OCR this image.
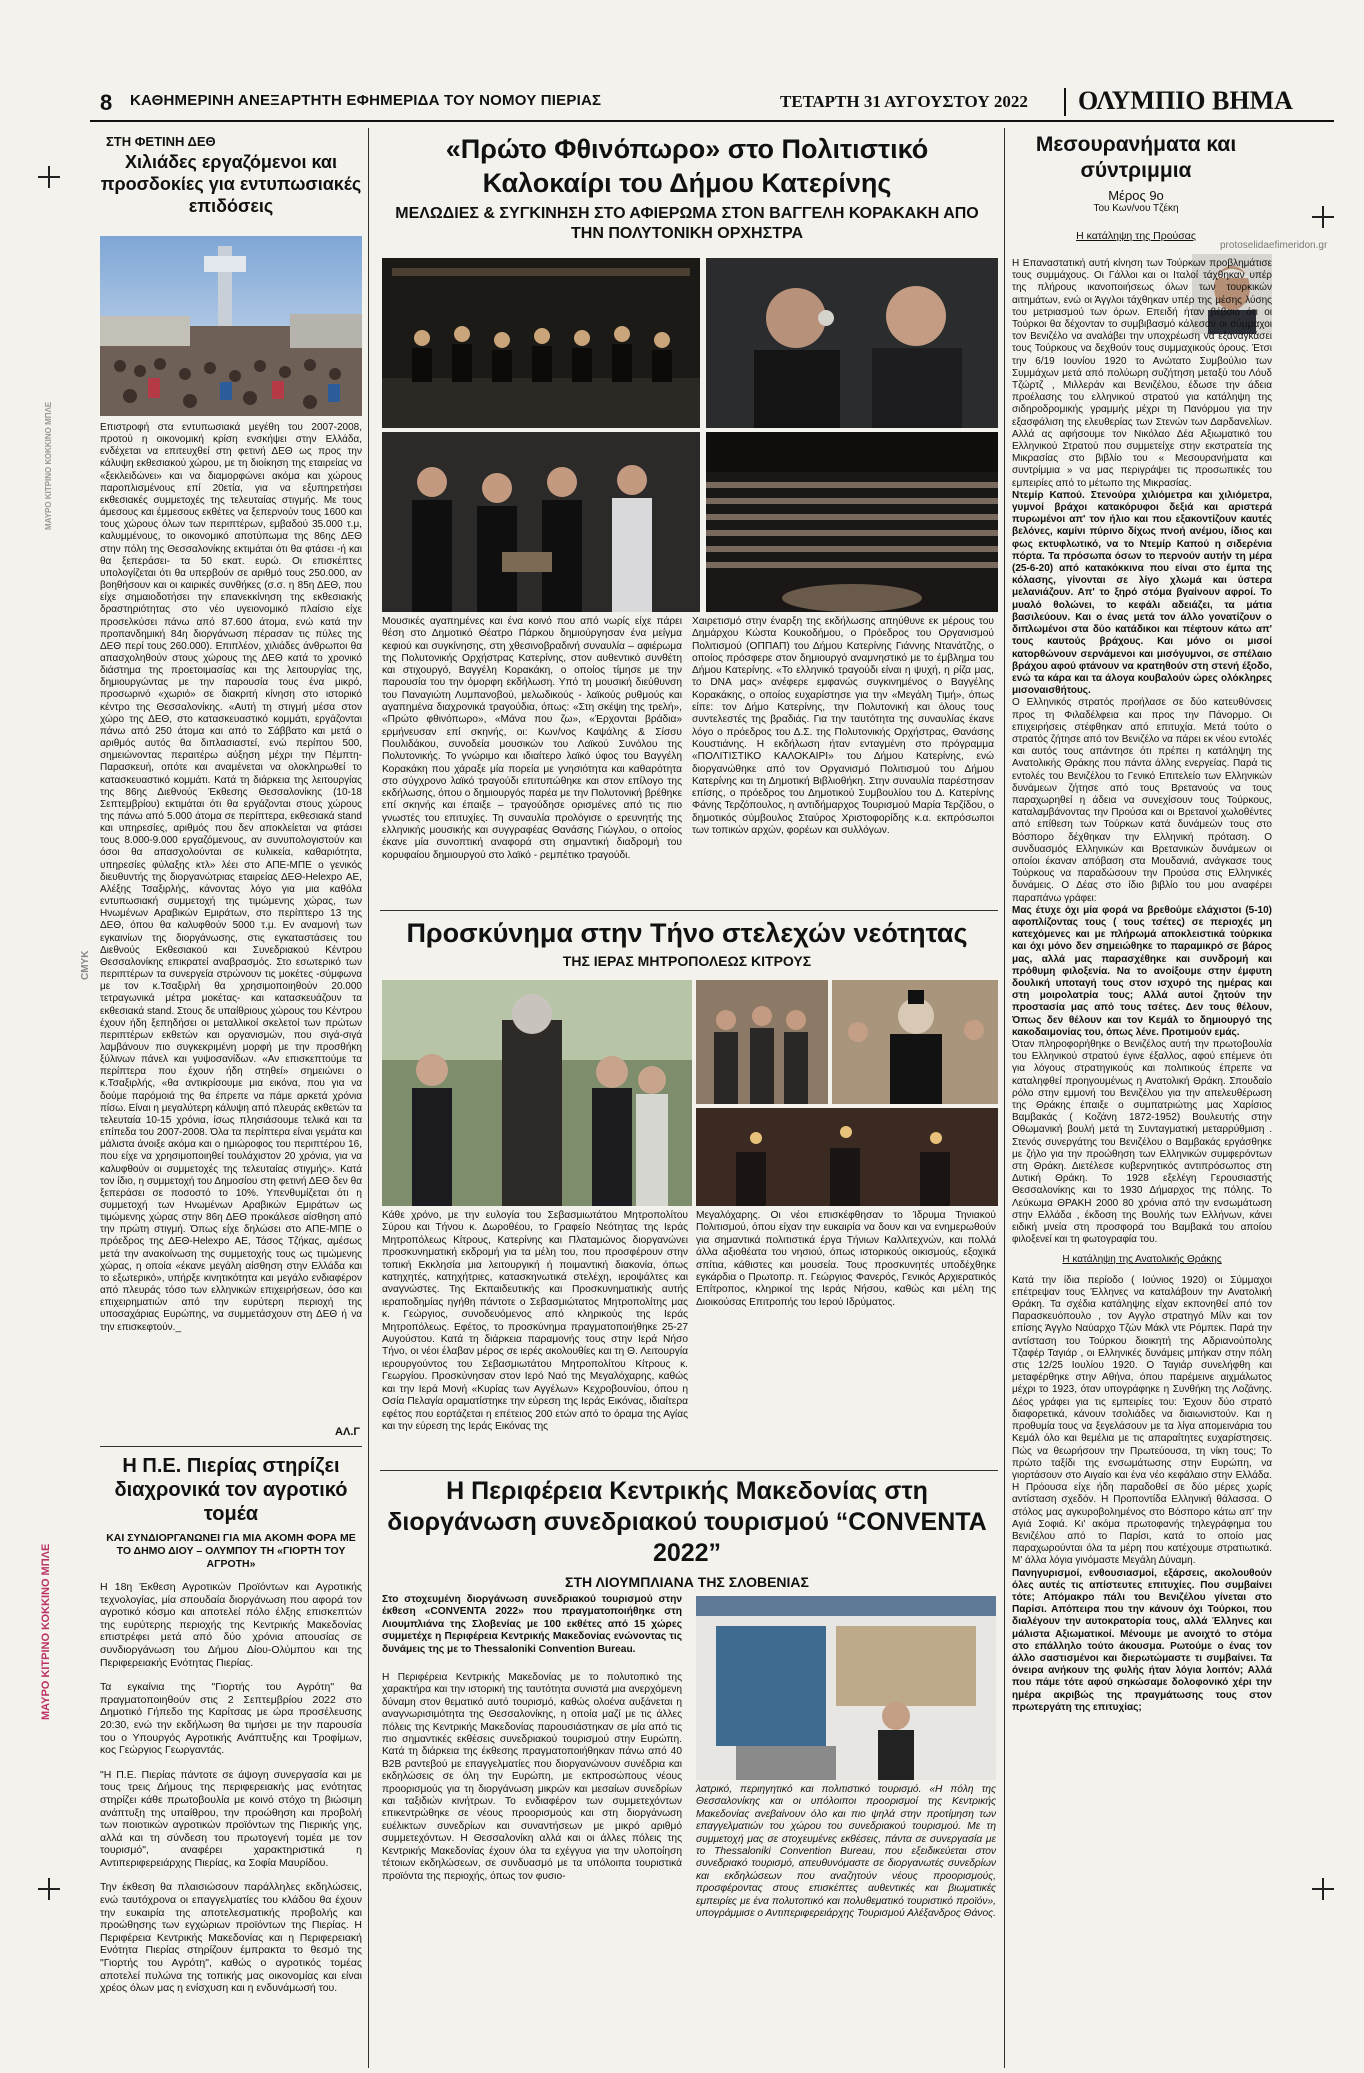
ΜΑΥΡΟ ΚΙΤΡΙΝΟ ΚΟΚΚΙΝΟ ΜΠΛΕ
CMYK
ΜΑΥΡΟ ΚΙΤΡΙΝΟ ΚΟΚΚΙΝΟ ΜΠΛΕ
8 ΚΑΘΗΜΕΡΙΝΗ ΑΝΕΞΑΡΤΗΤΗ ΕΦΗΜΕΡΙΔΑ ΤΟΥ ΝΟΜΟΥ ΠΙΕΡΙΑΣ	ΤΕΤΑΡΤΗ 31 ΑΥΓΟΥΣΤΟΥ 2022 ΟΛΥΜΠΙΟ ΒΗΜΑ
protoselidaefimeridon.gr
ΣΤΗ ΦΕΤΙΝΗ ΔΕΘ
Χιλιάδες εργαζόμενοι και προσδοκίες για εντυπωσιακές επιδόσεις
Επιστροφή στα εντυπωσιακά μεγέθη του 2007-2008, προτού η οικονομική κρίση ενσκήψει στην Ελλάδα, ενδέχεται να επιτευχθεί στη φετινή ΔΕΘ ως προς την κάλυψη εκθεσιακού χώρου, με τη διοίκηση της εταιρείας να «ξεκλειδώνει» και να διαμορφώνει ακόμα και χώρους παροπλισμένους επί 20ετία, για να εξυπηρετήσει εκθεσιακές συμμετοχές της τελευταίας στιγμής. Με τους άμεσους και έμμεσους εκθέτες να ξεπερνούν τους 1600 και τους χώρους όλων των περιπτέρων, εμβαδού 35.000 τ.μ, καλυμμένους, το οικονομικό αποτύπωμα της 86ης ΔΕΘ στην πόλη της Θεσσαλονίκης εκτιμάται ότι θα φτάσει -ή και θα ξεπεράσει- τα 50 εκατ. ευρώ. Οι επισκέπτες υπολογίζεται ότι θα υπερβούν σε αριθμό τους 250.000, αν βοηθήσουν και οι καιρικές συνθήκες (σ.σ. η 85η ΔΕΘ, που είχε σημαιοδοτήσει την επανεκκίνηση της εκθεσιακής δραστηριότητας στο νέο υγειονομικό πλαίσιο είχε προσελκύσει πάνω από 87.600 άτομα, ενώ κατά την προπανδημική 84η διοργάνωση πέρασαν τις πύλες της ΔΕΘ περί τους 260.000). Επιπλέον, χιλιάδες άνθρωποι θα απασχοληθούν στους χώρους της ΔΕΘ κατά το χρονικό διάστημα της προετοιμασίας και της λειτουργίας της, δημιουργώντας με την παρουσία τους ένα μικρό, προσωρινό «χωριό» σε διακριτή κίνηση στο ιστορικό κέντρο της Θεσσαλονίκης. «Αυτή τη στιγμή μέσα στον χώρο της ΔΕΘ, στο κατασκευαστικό κομμάτι, εργάζονται πάνω από 250 άτομα και από το Σάββατο και μετά ο αριθμός αυτός θα διπλασιαστεί, ενώ περίπου 500, σημειώνοντας περαιτέρω αύξηση μέχρι την Πέμπτη-Παρασκευή, οπότε και αναμένεται να ολοκληρωθεί το κατασκευαστικό κομμάτι. Κατά τη διάρκεια της λειτουργίας της 86ης Διεθνούς Έκθεσης Θεσσαλονίκης (10-18 Σεπτεμβρίου) εκτιμάται ότι θα εργάζονται στους χώρους της πάνω από 5.000 άτομα σε περίπτερα, εκθεσιακά stand και υπηρεσίες, αριθμός που δεν αποκλείεται να φτάσει τους 8.000-9.000 εργαζόμενους, αν συνυπολογιστούν και όσοι θα απασχολούνται σε κυλικεία, καθαριότητα, υπηρεσίες φύλαξης κτλ» λέει στο ΑΠΕ-ΜΠΕ ο γενικός διευθυντής της διοργανώτριας εταιρείας ΔΕΘ-Helexpo ΑΕ, Αλέξης Τσαξιρλής, κάνοντας λόγο για μια καθόλα εντυπωσιακή συμμετοχή της τιμώμενης χώρας, των Ηνωμένων Αραβικών Εμιράτων, στο περίπτερο 13 της ΔΕΘ, όπου θα καλυφθούν 5000 τ.μ. Εν αναμονή των εγκαινίων της διοργάνωσης, στις εγκαταστάσεις του Διεθνούς Εκθεσιακού και Συνεδριακού Κέντρου Θεσσαλονίκης επικρατεί αναβρασμός. Στο εσωτερικό των περιπτέρων τα συνεργεία στρώνουν τις μοκέτες -σύμφωνα με τον κ.Τσαξιρλή θα χρησιμοποιηθούν 20.000 τετραγωνικά μέτρα μοκέτας- και κατασκευάζουν τα εκθεσιακά stand. Στους δε υπαίθριους χώρους του Κέντρου έχουν ήδη ξεπηδήσει οι μεταλλικοί σκελετοί των πρώτων περιπτέρων εκθετών και οργανισμών, που σιγά-σιγά λαμβάνουν πιο συγκεκριμένη μορφή με την προσθήκη ξύλινων πάνελ και γυψοσανίδων. «Αν επισκεπτούμε τα περίπτερα που έχουν ήδη στηθεί» σημειώνει ο κ.Τσαξιρλής, «θα αντικρίσουμε μια εικόνα, που για να δούμε παρόμοιά της θα έπρεπε να πάμε αρκετά χρόνια πίσω. Είναι η μεγαλύτερη κάλυψη από πλευράς εκθετών τα τελευταία 10-15 χρόνια, ίσως πλησιάσουμε τελικά και τα επίπεδα του 2007-2008. Όλα τα περίπτερα είναι γεμάτα και μάλιστα άνοιξε ακόμα και ο ημιώροφος του περιπτέρου 16, που είχε να χρησιμοποιηθεί τουλάχιστον 20 χρόνια, για να καλυφθούν οι συμμετοχές της τελευταίας στιγμής». Κατά τον ίδιο, η συμμετοχή του Δημοσίου στη φετινή ΔΕΘ δεν θα ξεπεράσει σε ποσοστό το 10%. Υπενθυμίζεται ότι η συμμετοχή των Ηνωμένων Αραβικών Εμιράτων ως τιμώμενης χώρας στην 86η ΔΕΘ προκάλεσε αίσθηση από την πρώτη στιγμή. Όπως είχε δηλώσει στο ΑΠΕ-ΜΠΕ ο πρόεδρος της ΔΕΘ-Helexpo ΑΕ, Τάσος Τζήκας, αμέσως μετά την ανακοίνωση της συμμετοχής τους ως τιμώμενης χώρας, η οποία «έκανε μεγάλη αίσθηση στην Ελλάδα και το εξωτερικό», υπήρξε κινητικότητα και μεγάλο ενδιαφέρον από πλευράς τόσο των ελληνικών επιχειρήσεων, όσο και επιχειρηματιών από την ευρύτερη περιοχή της υποσαχάριας Ευρώπης, να συμμετάσχουν στη ΔΕΘ ή να την επισκεφτούν._
ΑΛ.Γ
Η Π.Ε. Πιερίας στηρίζει διαχρονικά τον αγροτικό τομέα
ΚΑΙ ΣΥΝΔΙΟΡΓΑΝΩΝΕΙ ΓΙΑ ΜΙΑ ΑΚΟΜΗ ΦΟΡΑ ΜΕ ΤΟ ΔΗΜΟ ΔΙΟΥ – ΟΛΥΜΠΟΥ ΤΗ «ΓΙΟΡΤΗ ΤΟΥ ΑΓΡΟΤΗ»
Η 18η Έκθεση Αγροτικών Προϊόντων και Αγροτικής τεχνολογίας, μία σπουδαία διοργάνωση που αφορά τον αγροτικό κόσμο και αποτελεί πόλο έλξης επισκεπτών της ευρύτερης περιοχής της Κεντρικής Μακεδονίας επιστρέφει μετά από δύο χρόνια απουσίας σε συνδιοργάνωση του Δήμου Δίου-Ολύμπου και της Περιφερειακής Ενότητας Πιερίας.
Τα εγκαίνια της "Γιορτής του Αγρότη" θα πραγματοποιηθούν στις 2 Σεπτεμβρίου 2022 στο Δημοτικό Γήπεδο της Καρίτσας με ώρα προσέλευσης 20:30, ενώ την εκδήλωση θα τιμήσει με την παρουσία του ο Υπουργός Αγροτικής Ανάπτυξης και Τροφίμων, κος Γεώργιος Γεωργαντάς.
"Η Π.Ε. Πιερίας πάντοτε σε άψογη συνεργασία και με τους τρεις Δήμους της περιφερειακής μας ενότητας στηρίζει κάθε πρωτοβουλία με κοινό στόχο τη βιώσιμη ανάπτυξη της υπαίθρου, την προώθηση και προβολή των ποιοτικών αγροτικών προϊόντων της Πιερικής γης, αλλά και τη σύνδεση του πρωτογενή τομέα με τον τουρισμό", αναφέρει χαρακτηριστικά η Αντιπεριφερειάρχης Πιερίας, κα Σοφία Μαυρίδου.
Την έκθεση θα πλαισιώσουν παράλληλες εκδηλώσεις, ενώ ταυτόχρονα οι επαγγελματίες του κλάδου θα έχουν την ευκαιρία της αποτελεσματικής προβολής και προώθησης των εγχώριων προϊόντων της Πιερίας. Η Περιφέρεια Κεντρικής Μακεδονίας και η Περιφερειακή Ενότητα Πιερίας στηρίζουν έμπρακτα το θεσμό της "Γιορτής του Αγρότη", καθώς ο αγροτικός τομέας αποτελεί πυλώνα της τοπικής μας οικονομίας και είναι χρέος όλων μας η ενίσχυση και η ενδυνάμωσή του.
«Πρώτο Φθινόπωρο» στο Πολιτιστικό Καλοκαίρι του Δήμου Κατερίνης
ΜΕΛΩΔΙΕΣ & ΣΥΓΚΙΝΗΣΗ ΣΤΟ ΑΦΙΕΡΩΜΑ ΣΤΟΝ ΒΑΓΓΕΛΗ ΚΟΡΑΚΑΚΗ ΑΠΟ ΤΗΝ ΠΟΛΥΤΟΝΙΚΗ ΟΡΧΗΣΤΡΑ
Μουσικές αγαπημένες και ένα κοινό που από νωρίς είχε πάρει θέση στο Δημοτικό Θέατρο Πάρκου δημιούργησαν ένα μείγμα κεφιού και συγκίνησης, στη χθεσινοβραδινή συναυλία – αφιέρωμα της Πολυτονικής Ορχήστρας Κατερίνης, στον αυθεντικό συνθέτη και στιχουργό, Βαγγέλη Κορακάκη, ο οποίος τίμησε με την παρουσία του την όμορφη εκδήλωση. Υπό τη μουσική διεύθυνση του Παναγιώτη Λυμπανοβού, μελωδικούς - λαϊκούς ρυθμούς και αγαπημένα διαχρονικά τραγούδια, όπως: «Στη σκέψη της τρελή», «Πρώτο φθινόπωρο», «Μάνα που ζω», «Έρχονται βράδια» ερμήνευσαν επί σκηνής, οι: Κων/νος Καψάλης & Σίσσυ Πουλιδάκου, συνοδεία μουσικών του Λαϊκού Συνόλου της Πολυτονικής. Το γνώριμο και ιδιαίτερο λαϊκό ύφος του Βαγγέλη Κορακάκη που χάραξε μία πορεία με γνησιότητα και καθαρότητα στο σύγχρονο λαϊκό τραγούδι επιτυπώθηκε και στον επίλογο της εκδήλωσης, όπου ο δημιουργός παρέα με την Πολυτονική βρέθηκε επί σκηνής και έπαιξε – τραγούδησε ορισμένες από τις πιο γνωστές του επιτυχίες. Τη συναυλία προλόγισε ο ερευνητής της ελληνικής μουσικής και συγγραφέας Θανάσης Γιώγλου, ο οποίος έκανε μία συνοπτική αναφορά στη σημαντική διαδρομή του κορυφαίου δημιουργού στο λαϊκό - ρεμπέτικο τραγούδι.
Χαιρετισμό στην έναρξη της εκδήλωσης απηύθυνε εκ μέρους του Δημάρχου Κώστα Κουκοδήμου, ο Πρόεδρος του Οργανισμού Πολιτισμού (ΟΠΠΑΠ) του Δήμου Κατερίνης Γιάννης Ντανάτζης, ο οποίος πρόσφερε στον δημιουργό αναμνηστικό με το έμβλημα του Δήμου Κατερίνης. «Το ελληνικό τραγούδι είναι η ψυχή, η ρίζα μας, το DNA μας» ανέφερε εμφανώς συγκινημένος ο Βαγγέλης Κορακάκης, ο οποίος ευχαρίστησε για την «Μεγάλη Τιμή», όπως είπε: τον Δήμο Κατερίνης, την Πολυτονική και όλους τους συντελεστές της βραδιάς. Για την ταυτότητα της συναυλίας έκανε λόγο ο πρόεδρος του Δ.Σ. της Πολυτονικής Ορχήστρας, Θανάσης Κουστιάνης. Η εκδήλωση ήταν ενταγμένη στο πρόγραμμα «ΠΟΛΙΤΙΣΤΙΚΟ ΚΑΛΟΚΑΙΡΙ» του Δήμου Κατερίνης, ενώ διοργανώθηκε από τον Οργανισμό Πολιτισμού του Δήμου Κατερίνης και τη Δημοτική Βιβλιοθήκη. Στην συναυλία παρέστησαν επίσης, ο πρόεδρος του Δημοτικού Συμβουλίου του Δ. Κατερίνης Φάνης Τερζόπουλος, η αντιδήμαρχος Τουρισμού Μαρία Τερζίδου, ο δημοτικός σύμβουλος Σταύρος Χριστοφορίδης κ.α. εκπρόσωποι των τοπικών αρχών, φορέων και συλλόγων.
Προσκύνημα στην Τήνο στελεχών νεότητας
ΤΗΣ ΙΕΡΑΣ ΜΗΤΡΟΠΟΛΕΩΣ ΚΙΤΡΟΥΣ
Κάθε χρόνο, με την ευλογία του Σεβασμιωτάτου Μητροπολίτου Σύρου και Τήνου κ. Δωροθέου, το Γραφείο Νεότητας της Ιεράς Μητροπόλεως Κίτρους, Κατερίνης και Πλαταμώνος διοργανώνει προσκυνηματική εκδρομή για τα μέλη του, που προσφέρουν στην τοπική Εκκλησία μια λειτουργική ή ποιμαντική διακονία, όπως κατηχητές, κατηχήτριες, κατασκηνωτικά στελέχη, ιεροψάλτες και αναγνώστες. Της Εκπαιδευτικής και Προσκυνηματικής αυτής ιεραποδημίας ηγήθη πάντοτε ο Σεβασμιώτατος Μητροπολίτης μας κ. Γεώργιος, συνοδευόμενος από κληρικούς της Ιεράς Μητροπόλεως. Εφέτος, το προσκύνημα πραγματοποιήθηκε 25-27 Αυγούστου. Κατά τη διάρκεια παραμονής τους στην Ιερά Νήσο Τήνο, οι νέοι έλαβαν μέρος σε ιερές ακολουθίες και τη Θ. Λειτουργία ιερουργούντος του Σεβασμιωτάτου Μητροπολίτου Κίτρους κ. Γεωργίου. Προσκύνησαν στον Ιερό Ναό της Μεγαλόχαρης, καθώς και την Ιερά Μονή «Κυρίας των Αγγέλων» Κεχροβουνίου, όπου η Οσία Πελαγία οραματίστηκε την εύρεση της Ιεράς Εικόνας, ιδιαίτερα εφέτος που εορτάζεται η επέτειος 200 ετών από το όραμα της Αγίας και την εύρεση της Ιεράς Εικόνας της
Μεγαλόχαρης. Οι νέοι επισκέφθησαν το Ίδρυμα Τηνιακού Πολιτισμού, όπου είχαν την ευκαιρία να δουν και να ενημερωθούν για σημαντικά πολιτιστικά έργα Τήνιων Καλλιτεχνών, και πολλά άλλα αξιοθέατα του νησιού, όπως ιστορικούς οικισμούς, εξοχικά σπίτια, κάθιστες και μουσεία. Τους προσκυνητές υποδέχθηκε εγκάρδια ο Πρωτοπρ. π. Γεώργιος Φανερός, Γενικός Αρχιερατικός Επίτροπος, κληρικοί της Ιεράς Νήσου, καθώς και μέλη της Διοικούσας Επιτροπής του Ιερού Ιδρύματος.
Η Περιφέρεια Κεντρικής Μακεδονίας στη διοργάνωση συνεδριακού τουρισμού “CONVENTA 2022”
ΣΤΗ ΛΙΟΥΜΠΛΙΑΝΑ ΤΗΣ ΣΛΟΒΕΝΙΑΣ
Στο στοχευμένη διοργάνωση συνεδριακού τουρισμού στην έκθεση «CONVENTA 2022» που πραγματοποιήθηκε στη Λιουμπλιάνα της Σλοβενίας με 100 εκθέτες από 15 χώρες συμμετέχε η Περιφέρεια Κεντρικής Μακεδονίας ενώνοντας τις δυνάμεις της με το Thessaloniki Convention Bureau.
Η Περιφέρεια Κεντρικής Μακεδονίας με το πολυτοπικό της χαρακτήρα και την ιστορική της ταυτότητα συνιστά μια ανερχόμενη δύναμη στον θεματικό αυτό τουρισμό, καθώς ολοένα αυξάνεται η αναγνωρισιμότητα της Θεσσαλονίκης, η οποία μαζί με τις άλλες πόλεις της Κεντρικής Μακεδονίας παρουσιάστηκαν σε μία από τις πιο σημαντικές εκθέσεις συνεδριακού τουρισμού στην Ευρώπη. Κατά τη διάρκεια της έκθεσης πραγματοποιήθηκαν πάνω από 40 B2B ραντεβού με επαγγελματίες που διοργανώνουν συνέδρια και εκδηλώσεις σε όλη την Ευρώπη, με εκπροσώπους νέους προορισμούς για τη διοργάνωση μικρών και μεσαίων συνεδρίων και ταξιδιών κινήτρων. Το ενδιαφέρον των συμμετεχόντων επικεντρώθηκε σε νέους προορισμούς και στη διοργάνωση ευέλικτων συνεδρίων και συναντήσεων με μικρό αριθμό συμμετεχόντων. Η Θεσσαλονίκη αλλά και οι άλλες πόλεις της Κεντρικής Μακεδονίας έχουν όλα τα εχέγγυα για την υλοποίηση τέτοιων εκδηλώσεων, σε συνδυασμό με τα υπόλοιπα τουριστικά προϊόντα της περιοχής, όπως τον φυσιο-
λατρικό, περιηγητικό και πολιτιστικό τουρισμό. «Η πόλη της Θεσσαλονίκης και οι υπόλοιποι προορισμοί της Κεντρικής Μακεδονίας ανεβαίνουν όλο και πιο ψηλά στην προτίμηση των επαγγελματιών του χώρου του συνεδριακού τουρισμού. Με τη συμμετοχή μας σε στοχευμένες εκθέσεις, πάντα σε συνεργασία με το Thessaloniki Convention Bureau, που εξειδικεύεται στον συνεδριακό τουρισμό, απευθυνόμαστε σε διοργανωτές συνεδρίων και εκδηλώσεων που αναζητούν νέους προορισμούς, προσφέροντας στους επισκέπτες αυθεντικές και βιωματικές εμπειρίες με ένα πολυτοπικό και πολυθεματικό τουριστικό προϊόν», υπογράμμισε ο Αντιπεριφερειάρχης Τουρισμού Αλέξανδρος Θάνος.
Μεσουρανήματα και σύντριμμια
Μέρος 9ο
Του Κων/νου Τζέκη
Η κατάληψη της Προύσας

Η Επαναστατική αυτή κίνηση των Τούρκων προβλημάτισε τους συμμάχους. Οι Γάλλοι και οι Ιταλοί τάχθηκαν υπέρ της πλήρους ικανοποιήσεως όλων των τουρκικών αιτημάτων, ενώ οι Άγγλοι τάχθηκαν υπέρ της μέσης λύσης του μετριασμού των όρων. Επειδή ήταν βέβαιο ότι οι Τούρκοι θα δέχονταν το συμβιβασμό κάλεσαν οι σύμμαχοι τον Βενιζέλο να αναλάβει την υποχρέωση να εξαναγκάσει τους Τούρκους να δεχθούν τους συμμαχικούς όρους. Έτσι την 6/19 Ιουνίου 1920 το Ανώτατο Συμβούλιο των Συμμάχων μετά από πολύωρη συζήτηση μεταξύ του Λόυδ Τζώρτζ , Μιλλεράν και Βενιζέλου, έδωσε την άδεια προέλασης του ελληνικού στρατού για κατάληψη της σιδηροδρομικής γραμμής μέχρι τη Πανόρμου για την εξασφάλιση της ελευθερίας των Στενών των Δαρδανελίων. Αλλά ας αφήσουμε τον Νικόλαο Δέα Αξιωματικό του Ελληνικού Στρατού που συμμετείχε στην εκστρατεία της Μικρασίας στο βιβλίο του « Μεσουρανήματα και συντρίμμια » να μας περιγράψει τις προσωπικές του εμπειρίες από το μέτωπο της Μικρασίας.

Ντεμίρ Καπού. Στενούρα χιλιόμετρα και χιλιόμετρα, γυμνοί βράχοι κατακόρυφοι δεξιά και αριστερά πυρωμένοι απ' τον ήλιο και που εξακοντίζουν καυτές βελόνες, καμίνι πύρινο δίχως πνοή ανέμου, ίδιος και φως εκτυφλωτικό, να το Ντεμίρ Καπού η σιδερένια πόρτα. Τα πρόσωπα όσων το περνούν αυτήν τη μέρα (25-6-20) από κατακόκκινα που είναι στο έμπα της κόλασης, γίνονται σε λίγο χλωμά και ύστερα μελανιάζουν. Απ' το ξηρό στόμα βγαίνουν αφροί. Το μυαλό θολώνει, το κεφάλι αδειάζει, τα μάτια βασιλεύουν. Και ο ένας μετά τον άλλο γονατίζουν ο διπλωμένοι στα δύο κατάδικοι και πέφτουν κάτω απ' τους καυτούς βράχους. Και μόνο οι μισοί κατορθώνουν σερνάμενοι και μισόγυμνοι, σε σπέλαιο βράχου αφού φτάνουν να κρατηθούν στη στενή έξοδο, ενώ τα κάρα και τα άλογα κουβαλούν ώρες ολόκληρες μισοναισθήτους.

Ο Ελληνικός στρατός προήλασε σε δύο κατευθύνσεις προς τη Φιλαδέλφεια και προς την Πάνορμο. Οι επιχειρήσεις στέφθηκαν από επιτυχία. Μετά τούτο ο στρατός ζήτησε από τον Βενιζέλο να πάρει εκ νέου εντολές και αυτός τους απάντησε ότι πρέπει η κατάληψη της Ανατολικής Θράκης που πάντα άλλης ενεργείας. Παρά τις εντολές του Βενιζέλου το Γενικό Επιτελείο των Ελληνικών δυνάμεων ζήτησε από τους Βρετανούς να τους παραχωρηθεί η άδεια να συνεχίσουν τους Τούρκους, καταλαμβάνοντας την Προύσα και οι Βρετανοί χωλοθέντες από επίθεση των Τούρκων κατά δυνάμεών τους στο Βόσπορο δέχθηκαν την Ελληνική πρόταση. Ο συνδυασμός Ελληνικών και Βρετανικών δυνάμεων οι οποίοι έκαναν απόβαση στα Μουδανιά, ανάγκασε τους Τούρκους να παραδώσουν την Προύσα στις Ελληνικές δυνάμεις. Ο Δέας στο ίδιο βιβλίο του μου αναφέρει παραπάνω γράφει:

Μας έτυχε όχι μία φορά να βρεθούμε ελάχιστοι (5-10) αφοπλίζοντας τους ( τους τσέτες) σε περιοχές μη κατεχόμενες και με πλήρωμά αποκλειστικά τούρκικα και όχι μόνο δεν σημειώθηκε το παραμικρό σε βάρος μας, αλλά μας παρασχέθηκε και συνδρομή και πρόθυμη φιλοξενία. Να το ανοίξουμε στην έμφυτη δουλική υποταγή τους στον ισχυρό της ημέρας και στη μοιρολατρία τους; Αλλά αυτοί ζητούν την προστασία μας από τους τσέτες. Δεν τους θέλουν, Όπως δεν θέλουν και τον Κεμάλ το δημιουργό της κακοδαιμονίας του, όπως λένε. Προτιμούν εμάς.

Όταν πληροφορήθηκε ο Βενιζέλος αυτή την πρωτοβουλία του Ελληνικού στρατού έγινε έξαλλος, αφού επέμενε ότι για λόγους στρατηγικούς και πολιτικούς έπρεπε να καταληφθεί προηγουμένως η Ανατολική Θράκη. Σπουδαίο ρόλο στην εμμονή του Βενιζέλου για την απελευθέρωση της Θράκης έπαιξε ο συμπατριώτης μας Χαρίσιος Βαμβακάς ( Κοζάνη 1872-1952) Βουλευτής στην Οθωμανική βουλή μετά τη Συνταγματική μεταρρύθμιση . Στενός συνεργάτης του Βενιζέλου ο Βαμβακάς εργάσθηκε με ζήλο για την προώθηση των Ελληνικών συμφερόντων στη Θράκη. Διετέλεσε κυβερνητικός αντιπρόσωπος στη Δυτική Θράκη. Το 1928 εξελέγη Γερουσιαστής Θεσσαλονίκης και το 1930 Δήμαρχος της πόλης. Το Λεύκωμα ΘΡΑΚΗ 2000 80 χρόνια από την ενσωμάτωση στην Ελλάδα , έκδοση της Βουλής των Ελλήνων, κάνει ειδική μνεία στη προσφορά του Βαμβακά του αποίου φιλοξενεί και τη φωτογραφία του.

Η κατάληψη της Ανατολικής Θράκης

Κατά την ίδια περίοδο ( Ιούνιος 1920) οι Σύμμαχοι επέτρεψαν τους Έλληνες να καταλάβουν την Ανατολική Θράκη. Τα σχέδια κατάληψης είχαν εκπονηθεί από τον Παρασκευόπουλο , τον Αγγλο στρατηγό Μίλν και τον επίσης Άγγλο Ναύαρχο Τζών Μάκλ ντε Ρόμπεκ. Παρά την αντίσταση του Τούρκου διοικητή της Αδριανούπολης Τζαφέρ Ταγιάρ , οι Ελληνικές δυνάμεις μπήκαν στην πόλη στις 12/25 Ιουλίου 1920. Ο Ταγιάρ συνελήφθη και μεταφέρθηκε στην Αθήνα, όπου παρέμεινε αιχμάλωτος μέχρι το 1923, όταν υπογράφηκε η Συνθήκη της Λοζάνης. Δέος γράφει για τις εμπειρίες του: Έχουν δύο στρατό διαφορετικά, κάνουν τσολιάδες να διαιωνιστούν. Και η προθυμία τους να ξεγελάσουν με τα λίγα απομεινάρια του Κεμάλ όλο και θεμέλια με τις απαραίτητες ευχαρίστησεις. Πώς να θεωρήσουν την Πρωτεύουσα, τη νίκη τους; Το πρώτο ταξίδι της ενσωμάτωσης στην Ευρώπη, να γιορτάσουν στο Αιγαίο και ένα νέο κεφάλαιο στην Ελλάδα. Η Πρόουσα είχε ήδη παραδοθεί σε δύο μέρες χωρίς αντίσταση σχεδόν. Η Προποντίδα Ελληνική θάλασσα. Ο στόλος μας αγκυροβολημένος στο Βόσπορο κάτω απ' την Αγιά Σοφιά. Κι' ακόμα πρωτοφανής τηλεγράφημα του Βενιζέλου από το Παρίσι, κατά το οποίο μας παραχωρούνται όλα τα μέρη που κατέχουμε στρατιωτικά. Μ' άλλα λόγια γινόμαστε Μεγάλη Δύναμη.

Πανηγυρισμοί, ενθουσιασμοί, εξάρσεις, ακολουθούν όλες αυτές τις απίστευτες επιτυχίες. Που συμβαίνει τότε; Απόμακρο πάλι του Βενιζέλου γίνεται στο Παρίσι. Απόπειρα που την κάνουν όχι Τούρκοι, που διαλέγουν την αυτοκρατορία τους, αλλά Έλληνες και μάλιστα Αξιωματικοί. Μένουμε με ανοιχτό το στόμα στο επάλληλο τούτο άκουσμα. Ρωτούμε ο ένας τον άλλο σαστισμένοι και διερωτώμαστε τι συμβαίνει. Τα όνειρα ανήκουν της φυλής ήταν λόγια λοιπόν; Αλλά που πάμε τότε αφού σηκώσαμε δολοφονικό χέρι την ημέρα ακριβώς της πραγμάτωσης τους στον πρωτεργάτη της επιτυχίας;
